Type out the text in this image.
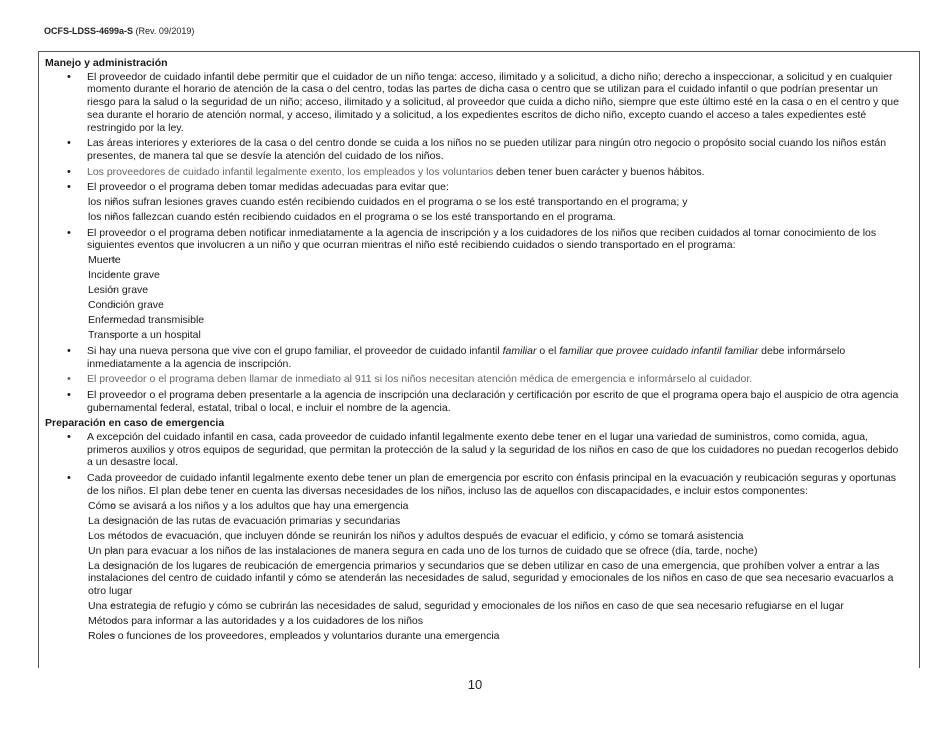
OCFS-LDSS-4699a-S (Rev. 09/2019)
Manejo y administración
• El proveedor de cuidado infantil debe permitir que el cuidador de un niño tenga: acceso, ilimitado y a solicitud, a dicho niño; derecho a inspeccionar, a solicitud y en cualquier momento durante el horario de atención de la casa o del centro, todas las partes de dicha casa o centro que se utilizan para el cuidado infantil o que podrían presentar un riesgo para la salud o la seguridad de un niño; acceso, ilimitado y a solicitud, al proveedor que cuida a dicho niño, siempre que este último esté en la casa o en el centro y que sea durante el horario de atención normal, y acceso, ilimitado y a solicitud, a los expedientes escritos de dicho niño, excepto cuando el acceso a tales expedientes esté restringido por la ley.
• Las áreas interiores y exteriores de la casa o del centro donde se cuida a los niños no se pueden utilizar para ningún otro negocio o propósito social cuando los niños están presentes, de manera tal que se desvíe la atención del cuidado de los niños.
• Los proveedores de cuidado infantil legalmente exento, los empleados y los voluntarios deben tener buen carácter y buenos hábitos.
• El proveedor o el programa deben tomar medidas adecuadas para evitar que:
○ los niños sufran lesiones graves cuando estén recibiendo cuidados en el programa o se los esté transportando en el programa; y
○ los niños fallezcan cuando estén recibiendo cuidados en el programa o se los esté transportando en el programa.
• El proveedor o el programa deben notificar inmediatamente a la agencia de inscripción y a los cuidadores de los niños que reciben cuidados al tomar conocimiento de los siguientes eventos que involucren a un niño y que ocurran mientras el niño esté recibiendo cuidados o siendo transportado en el programa:
○ Muerte
○ Incidente grave
○ Lesión grave
○ Condición grave
○ Enfermedad transmisible
○ Transporte a un hospital
• Si hay una nueva persona que vive con el grupo familiar, el proveedor de cuidado infantil familiar o el familiar que provee cuidado infantil familiar debe informárselo inmediatamente a la agencia de inscripción.
• El proveedor o el programa deben llamar de inmediato al 911 si los niños necesitan atención médica de emergencia e informárselo al cuidador.
• El proveedor o el programa deben presentarle a la agencia de inscripción una declaración y certificación por escrito de que el programa opera bajo el auspicio de otra agencia gubernamental federal, estatal, tribal o local, e incluir el nombre de la agencia.
Preparación en caso de emergencia
• A excepción del cuidado infantil en casa, cada proveedor de cuidado infantil legalmente exento debe tener en el lugar una variedad de suministros, como comida, agua, primeros auxilios y otros equipos de seguridad, que permitan la protección de la salud y la seguridad de los niños en caso de que los cuidadores no puedan recogerlos debido a un desastre local.
• Cada proveedor de cuidado infantil legalmente exento debe tener un plan de emergencia por escrito con énfasis principal en la evacuación y reubicación seguras y oportunas de los niños. El plan debe tener en cuenta las diversas necesidades de los niños, incluso las de aquellos con discapacidades, e incluir estos componentes:
○ Cómo se avisará a los niños y a los adultos que hay una emergencia
○ La designación de las rutas de evacuación primarias y secundarias
○ Los métodos de evacuación, que incluyen dónde se reunirán los niños y adultos después de evacuar el edificio, y cómo se tomará asistencia
○ Un plan para evacuar a los niños de las instalaciones de manera segura en cada uno de los turnos de cuidado que se ofrece (día, tarde, noche)
○ La designación de los lugares de reubicación de emergencia primarios y secundarios que se deben utilizar en caso de una emergencia, que prohíben volver a entrar a las instalaciones del centro de cuidado infantil y cómo se atenderán las necesidades de salud, seguridad y emocionales de los niños en caso de que sea necesario evacuarlos a otro lugar
○ Una estrategia de refugio y cómo se cubrirán las necesidades de salud, seguridad y emocionales de los niños en caso de que sea necesario refugiarse en el lugar
○ Métodos para informar a las autoridades y a los cuidadores de los niños
○ Roles o funciones de los proveedores, empleados y voluntarios durante una emergencia
10
